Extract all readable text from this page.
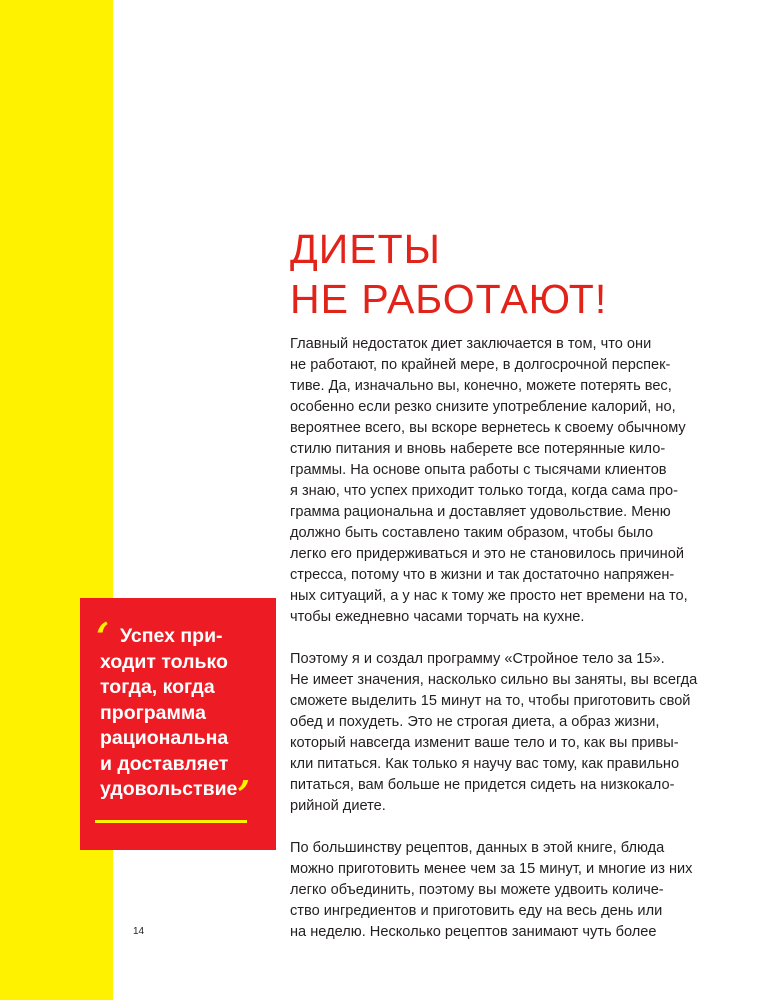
ДИЕТЫ
НЕ РАБОТАЮТ!

Главный недостаток диет заключается в том, что они
не работают, по крайней мере, в долгосрочной перспек-
тиве. Да, изначально вы, конечно, можете потерять вес,
особенно если резко снизите употребление калорий, но,
вероятнее всего, вы вскоре вернетесь к своему обычному
стилю питания и вновь наберете все потерянные кило-
граммы. На основе опыта работы с тысячами клиентов
я знаю, что успех приходит только тогда, когда сама про-
грамма рациональна и доставляет удовольствие. Меню
должно быть составлено таким образом, чтобы было
легко его придерживаться и это не становилось причиной
стресса, потому что в жизни и так достаточно напряжен-
ных ситуаций, а у нас к тому же просто нет времени на то,
чтобы ежедневно часами торчать на кухне.

Поэтому я и создал программу «Стройное тело за 15».
Не имеет значения, насколько сильно вы заняты, вы всегда
сможете выделить 15 минут на то, чтобы приготовить свой
обед и похудеть. Это не строгая диета, а образ жизни,
который навсегда изменит ваше тело и то, как вы привы-
кли питаться. Как только я научу вас тому, как правильно
питаться, вам больше не придется сидеть на низкокало-
рийной диете.

По большинству рецептов, данных в этой книге, блюда
можно приготовить менее чем за 15 минут, и многие из них
легко объединить, поэтому вы можете удвоить количе-
ство ингредиентов и приготовить еду на весь день или
на неделю. Несколько рецептов занимают чуть более

‘ Успех при-
ходит только
тогда, когда
программа
рациональна
и доставляет
удовольствие ’
14
